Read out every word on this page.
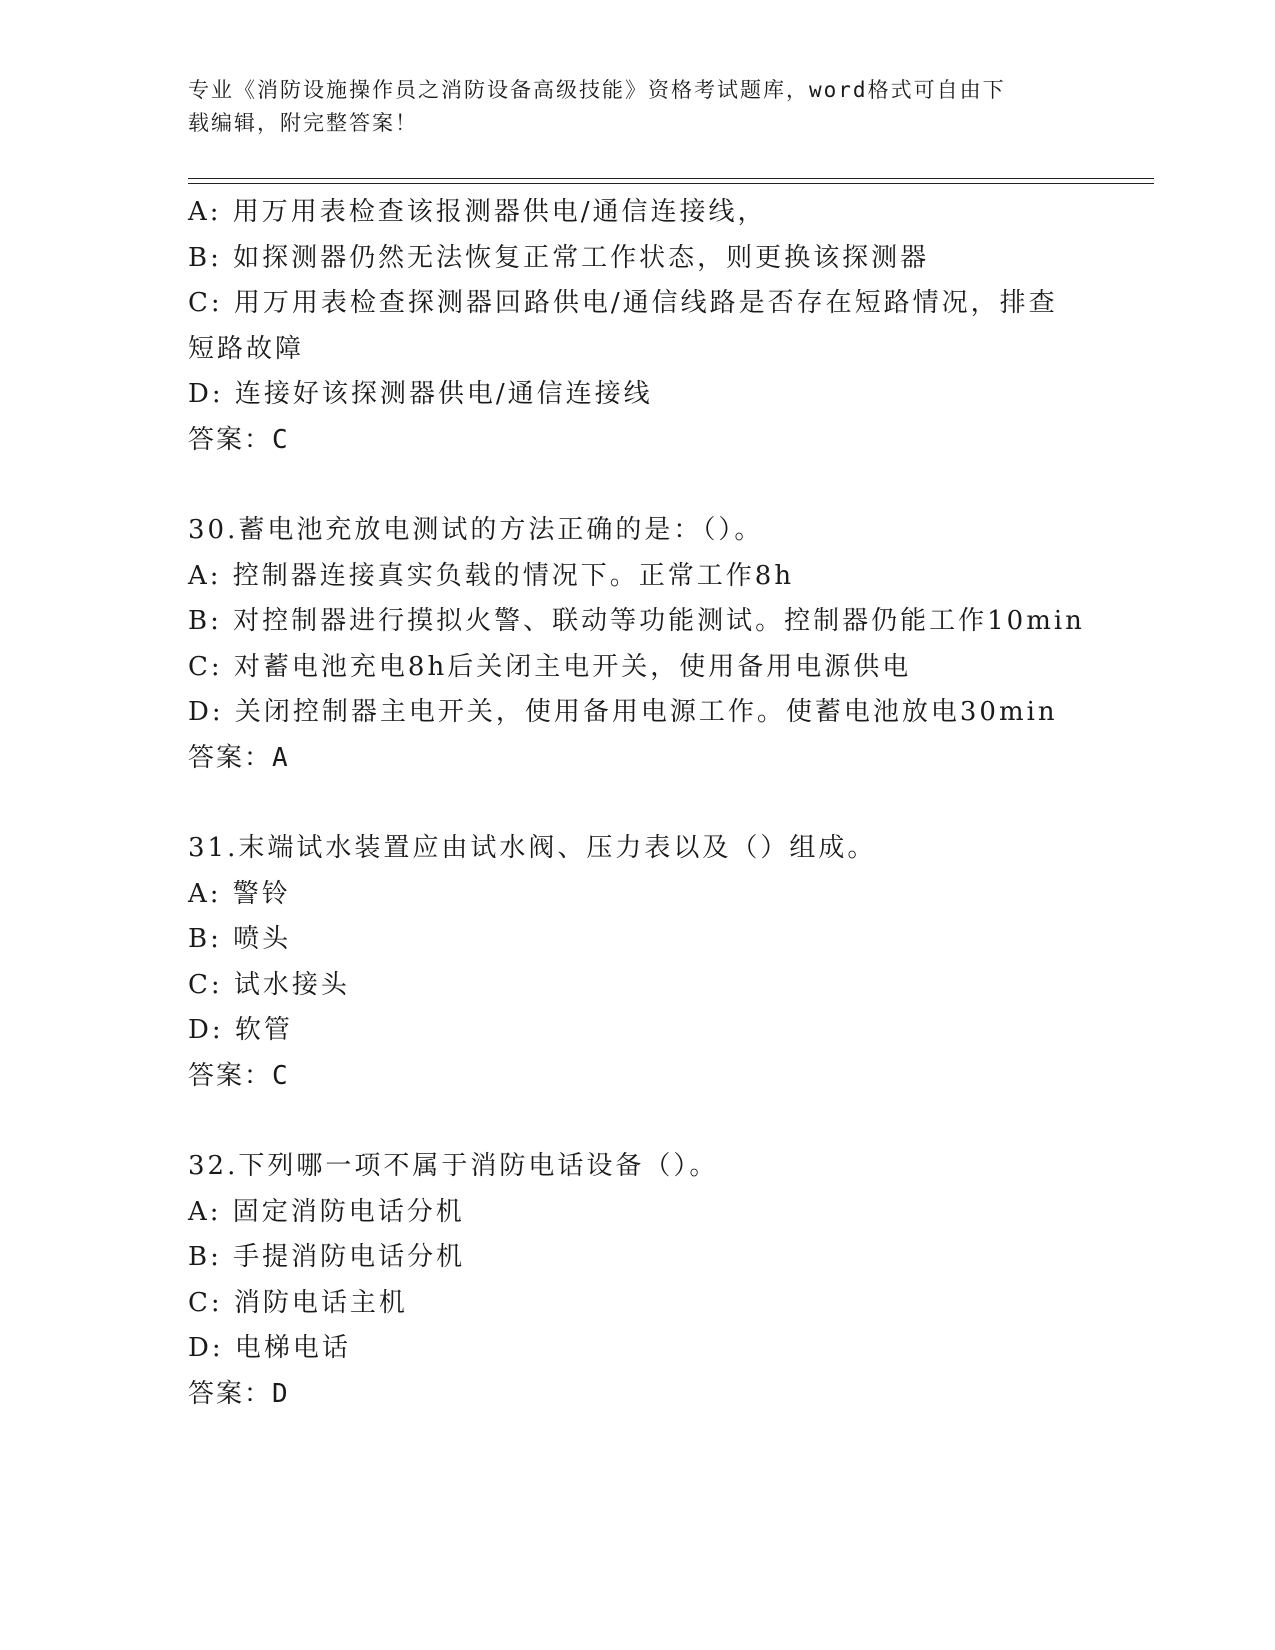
专业《消防设施操作员之消防设备高级技能》资格考试题库，word格式可自由下
载编辑，附完整答案！
A: 用万用表检查该报测器供电/通信连接线，
B: 如探测器仍然无法恢复正常工作状态，则更换该探测器
C: 用万用表检查探测器回路供电/通信线路是否存在短路情况，排查
短路故障
D: 连接好该探测器供电/通信连接线
答案：C
30.蓄电池充放电测试的方法正确的是：（）。
A: 控制器连接真实负载的情况下。正常工作8h
B: 对控制器进行摸拟火警、联动等功能测试。控制器仍能工作10min
C: 对蓄电池充电8h后关闭主电开关，使用备用电源供电
D: 关闭控制器主电开关，使用备用电源工作。使蓄电池放电30min
答案：A
31.末端试水装置应由试水阀、压力表以及（）组成。
A: 警铃
B: 喷头
C: 试水接头
D: 软管
答案：C
32.下列哪一项不属于消防电话设备（）。
A: 固定消防电话分机
B: 手提消防电话分机
C: 消防电话主机
D: 电梯电话
答案：D
